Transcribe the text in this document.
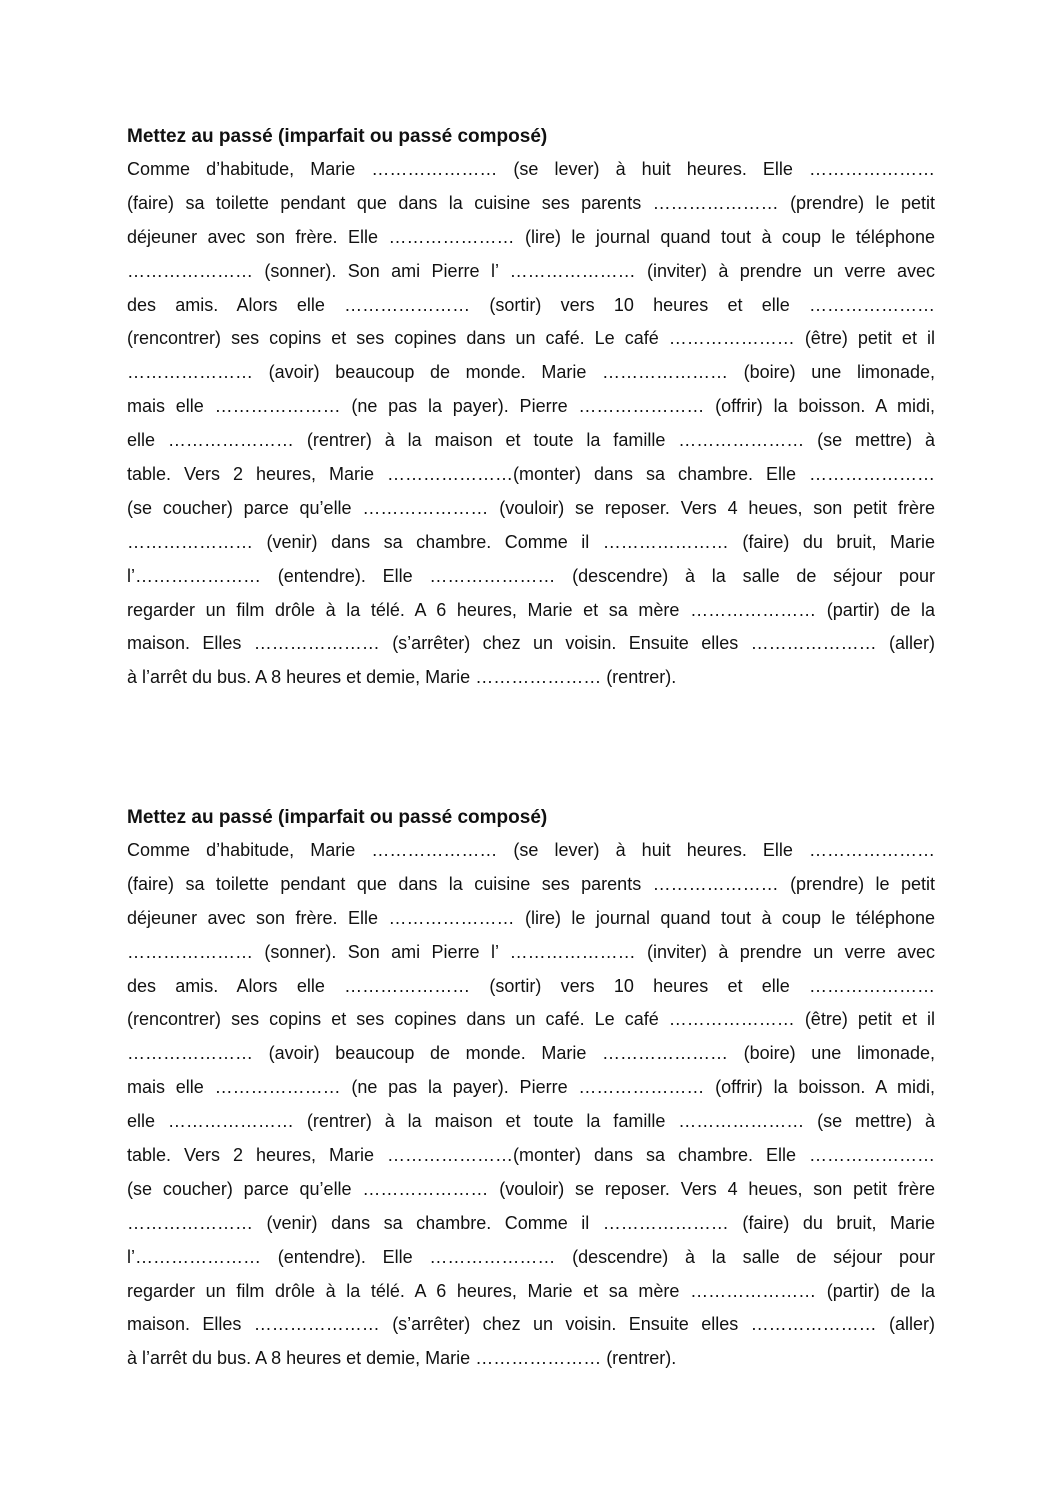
Mettez au passé (imparfait ou passé composé)
Comme d’habitude, Marie ………………… (se lever) à huit heures. Elle …………………
(faire) sa toilette pendant que dans la cuisine ses parents ………………… (prendre) le petit
déjeuner avec son frère. Elle ………………… (lire) le journal quand tout à coup le téléphone
………………… (sonner). Son ami Pierre l’ ………………… (inviter) à prendre un verre avec
des amis. Alors elle ………………… (sortir) vers 10 heures et elle …………………
(rencontrer) ses copins et ses copines dans un café. Le café ………………… (être) petit et il
………………… (avoir) beaucoup de monde. Marie ………………… (boire) une limonade,
mais elle ………………… (ne pas la payer). Pierre ………………… (offrir) la boisson. A midi,
elle ………………… (rentrer) à la maison et toute la famille ………………… (se mettre) à
table. Vers 2 heures, Marie …………………(monter) dans sa chambre. Elle …………………
(se coucher) parce qu’elle ………………… (vouloir) se reposer. Vers 4 heues, son petit frère
………………… (venir) dans sa chambre. Comme il ………………… (faire) du bruit, Marie
l’………………… (entendre). Elle ………………… (descendre) à la salle de séjour pour
regarder un film drôle à la télé. A 6 heures, Marie et sa mère ………………… (partir) de la
maison. Elles ………………… (s’arrêter) chez un voisin. Ensuite elles ………………… (aller)
à l’arrêt du bus. A 8 heures et demie, Marie ………………… (rentrer).
Mettez au passé (imparfait ou passé composé)
Comme d’habitude, Marie ………………… (se lever) à huit heures. Elle …………………
(faire) sa toilette pendant que dans la cuisine ses parents ………………… (prendre) le petit
déjeuner avec son frère. Elle ………………… (lire) le journal quand tout à coup le téléphone
………………… (sonner). Son ami Pierre l’ ………………… (inviter) à prendre un verre avec
des amis. Alors elle ………………… (sortir) vers 10 heures et elle …………………
(rencontrer) ses copins et ses copines dans un café. Le café ………………… (être) petit et il
………………… (avoir) beaucoup de monde. Marie ………………… (boire) une limonade,
mais elle ………………… (ne pas la payer). Pierre ………………… (offrir) la boisson. A midi,
elle ………………… (rentrer) à la maison et toute la famille ………………… (se mettre) à
table. Vers 2 heures, Marie …………………(monter) dans sa chambre. Elle …………………
(se coucher) parce qu’elle ………………… (vouloir) se reposer. Vers 4 heues, son petit frère
………………… (venir) dans sa chambre. Comme il ………………… (faire) du bruit, Marie
l’………………… (entendre). Elle ………………… (descendre) à la salle de séjour pour
regarder un film drôle à la télé. A 6 heures, Marie et sa mère ………………… (partir) de la
maison. Elles ………………… (s’arrêter) chez un voisin. Ensuite elles ………………… (aller)
à l’arrêt du bus. A 8 heures et demie, Marie ………………… (rentrer).
